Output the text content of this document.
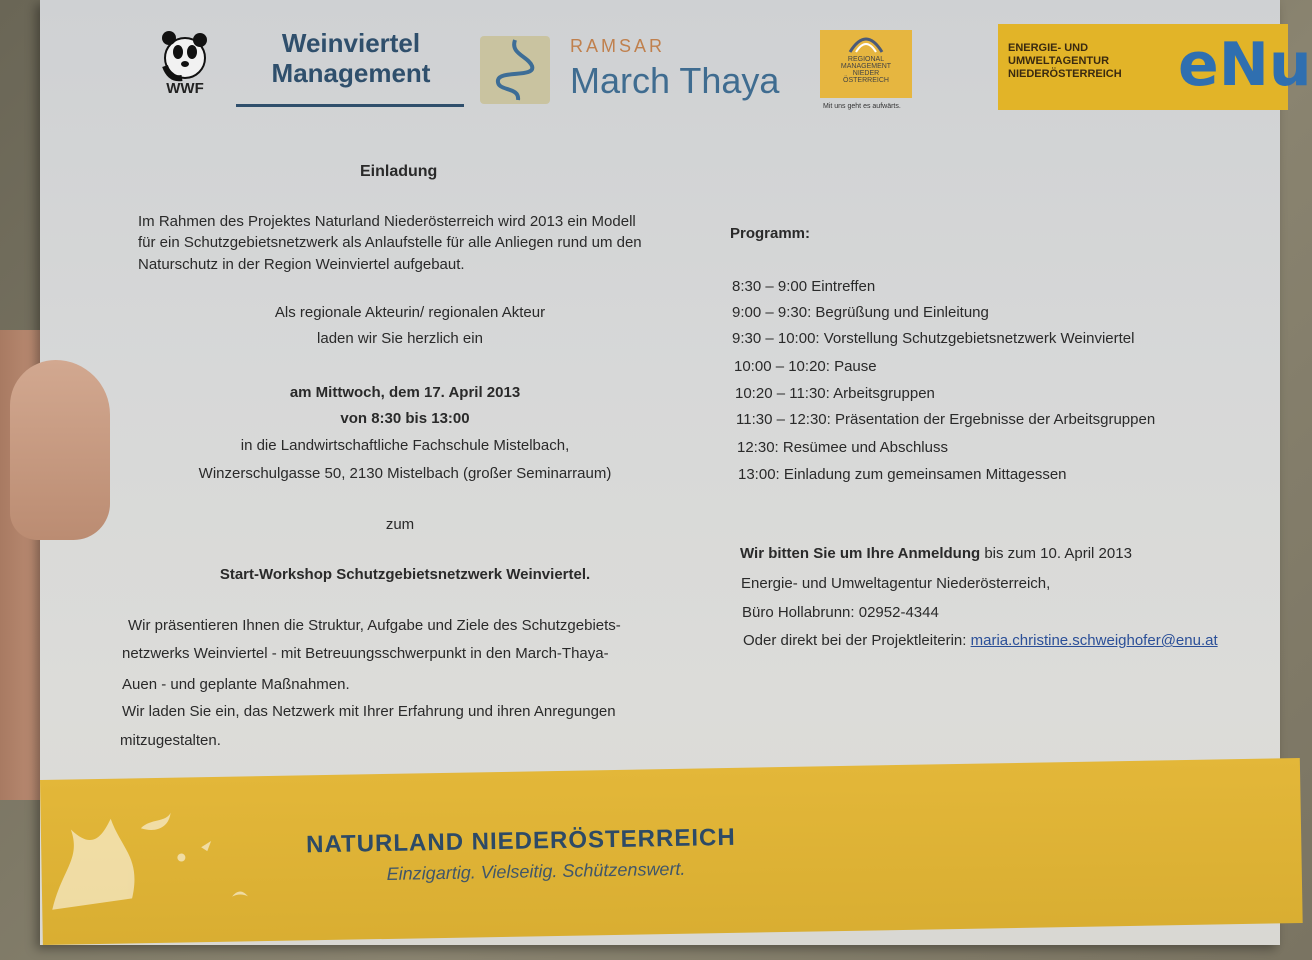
WWF
Weinviertel
Management
RAMSAR
March Thaya
REGIONAL
MANAGEMENT
NIEDER
ÖSTERREICH
Mit uns geht es aufwärts.
ENERGIE- UND
UMWELTAGENTUR
NIEDERÖSTERREICH eNu
Einladung
Im Rahmen des Projektes Naturland Niederösterreich wird 2013 ein Modell
für ein Schutzgebietsnetzwerk als Anlaufstelle für alle Anliegen rund um den
Naturschutz in der Region Weinviertel aufgebaut.
Als regionale Akteurin/ regionalen Akteur
laden wir Sie herzlich ein
am Mittwoch, dem 17. April 2013
von 8:30 bis 13:00
in die Landwirtschaftliche Fachschule Mistelbach,
Winzerschulgasse 50, 2130 Mistelbach (großer Seminarraum)
zum
Start-Workshop Schutzgebietsnetzwerk Weinviertel.
Wir präsentieren Ihnen die Struktur, Aufgabe und Ziele des Schutzgebiets-
netzwerks Weinviertel - mit Betreuungsschwerpunkt in den March-Thaya-
Auen - und geplante Maßnahmen.
Wir laden Sie ein, das Netzwerk mit Ihrer Erfahrung und ihren Anregungen
mitzugestalten.
Programm:
8:30 – 9:00 Eintreffen
9:00 – 9:30: Begrüßung und Einleitung
9:30 – 10:00: Vorstellung Schutzgebietsnetzwerk Weinviertel
10:00 – 10:20: Pause
10:20 – 11:30: Arbeitsgruppen
11:30 – 12:30: Präsentation der Ergebnisse der Arbeitsgruppen
12:30: Resümee und Abschluss
13:00: Einladung zum gemeinsamen Mittagessen
Wir bitten Sie um Ihre Anmeldung bis zum 10. April 2013
Energie- und Umweltagentur Niederösterreich,
Büro Hollabrunn: 02952-4344
Oder direkt bei der Projektleiterin: maria.christine.schweighofer@enu.at
NATURLAND NIEDERÖSTERREICH
Einzigartig. Vielseitig. Schützenswert.
